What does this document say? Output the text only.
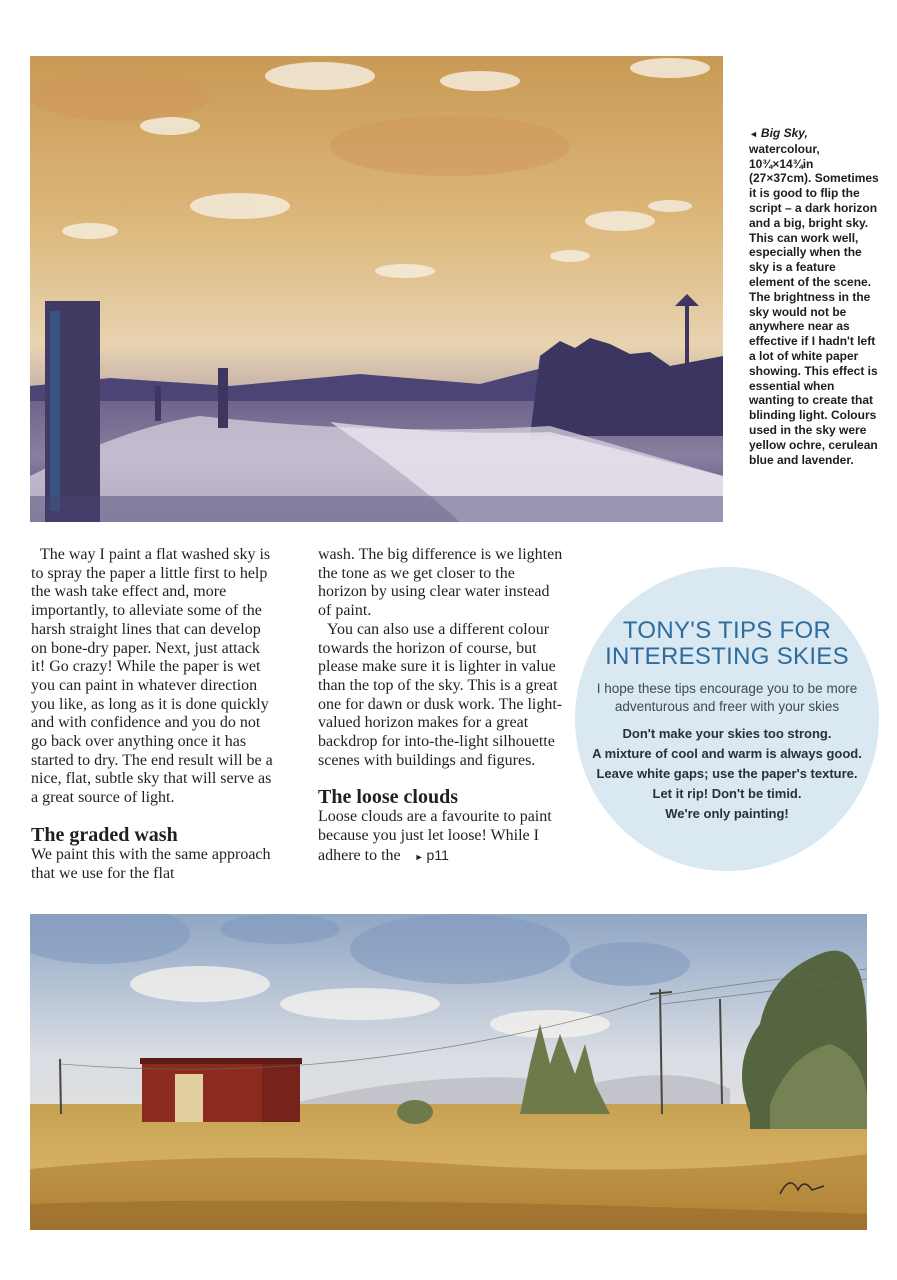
◄ Big Sky, watercolour, 10¾×14¾in (27×37cm). Sometimes it is good to flip the script – a dark horizon and a big, bright sky. This can work well, especially when the sky is a feature element of the scene. The brightness in the sky would not be anywhere near as effective if I hadn't left a lot of white paper showing. This effect is essential when wanting to create that blinding light. Colours used in the sky were yellow ochre, cerulean blue and lavender.

The way I paint a flat washed sky is to spray the paper a little first to help the wash take effect and, more importantly, to alleviate some of the harsh straight lines that can develop on bone-dry paper. Next, just attack it! Go crazy! While the paper is wet you can paint in whatever direction you like, as long as it is done quickly and with confidence and you do not go back over anything once it has started to dry. The end result will be a nice, flat, subtle sky that will serve as a great source of light.

The graded wash

We paint this with the same approach that we use for the flat

wash. The big difference is we lighten the tone as we get closer to the horizon by using clear water instead of paint.

You can also use a different colour towards the horizon of course, but please make sure it is lighter in value than the top of the sky. This is a great one for dawn or dusk work. The light-valued horizon makes for a great backdrop for into-the-light silhouette scenes with buildings and figures.

The loose clouds

Loose clouds are a favourite to paint because you just let loose! While I adhere to the ► p11

TONY'S TIPS FOR INTERESTING SKIES
I hope these tips encourage you to be more adventurous and freer with your skies
Don't make your skies too strong.
A mixture of cool and warm is always good.
Leave white gaps; use the paper's texture.
Let it rip! Don't be timid.
We're only painting!
